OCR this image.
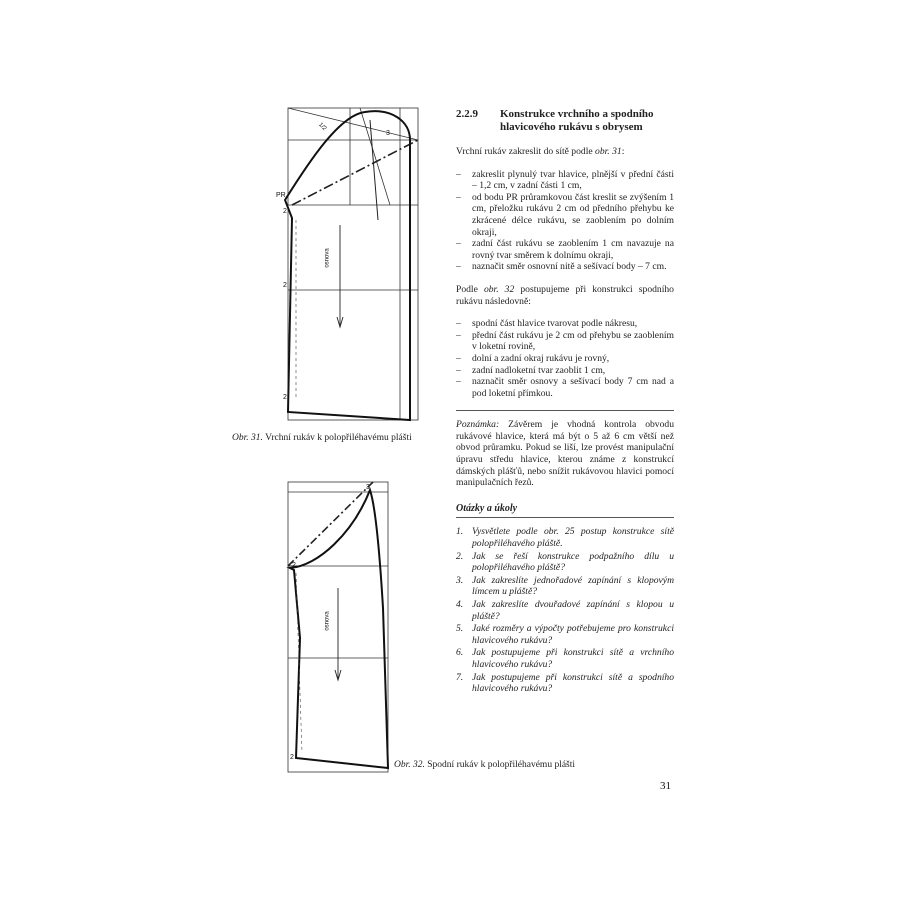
PR
2
2
2
3
1/2
osnova
Obr. 31. Vrchní rukáv k polopřiléhavému plášti
2
2
3
osnova
Obr. 32. Spodní rukáv k polopřiléhavému plášti
2.2.9	Konstrukce vrchního a spodního hlavicového rukávu s obrysem

Vrchní rukáv zakreslit do sítě podle obr. 31:

– zakreslit plynulý tvar hlavice, plnější v přední části – 1,2 cm, v zadní části 1 cm,
– od bodu PR průramkovou část kreslit se zvýšením 1 cm, přeložku rukávu 2 cm od předního přehybu ke zkrácené délce rukávu, se zaoblením po dolním okraji,
– zadní část rukávu se zaoblením 1 cm navazuje na rovný tvar směrem k dolnímu okraji,
– naznačit směr osnovní nitě a sešívací body – 7 cm.

Podle obr. 32 postupujeme při konstrukci spodního rukávu následovně:

– spodní část hlavice tvarovat podle nákresu,
– přední část rukávu je 2 cm od přehybu se zaoblením v loketní rovině,
– dolní a zadní okraj rukávu je rovný,
– zadní nadloketní tvar zaoblit 1 cm,
– naznačit směr osnovy a sešívací body 7 cm nad a pod loketní přímkou.

Poznámka: Závěrem je vhodná kontrola obvodu rukávové hlavice, která má být o 5 až 6 cm větší než obvod průramku. Pokud se liší, lze provést manipulační úpravu středu hlavice, kterou známe z konstrukcí dámských plášťů, nebo snížit rukávovou hlavici pomocí manipulačních řezů.

Otázky a úkoly
1. Vysvětlete podle obr. 25 postup konstrukce sítě polopřiléhavého pláště.
2. Jak se řeší konstrukce podpažního dílu u polopřiléhavého pláště?
3. Jak zakreslíte jednořadové zapínání s klopovým límcem u pláště?
4. Jak zakreslíte dvouřadové zapínání s klopou u pláště?
5. Jaké rozměry a výpočty potřebujeme pro konstrukci hlavicového rukávu?
6. Jak postupujeme při konstrukci sítě a vrchního hlavicového rukávu?
7. Jak postupujeme při konstrukci sítě a spodního hlavicového rukávu?
31
